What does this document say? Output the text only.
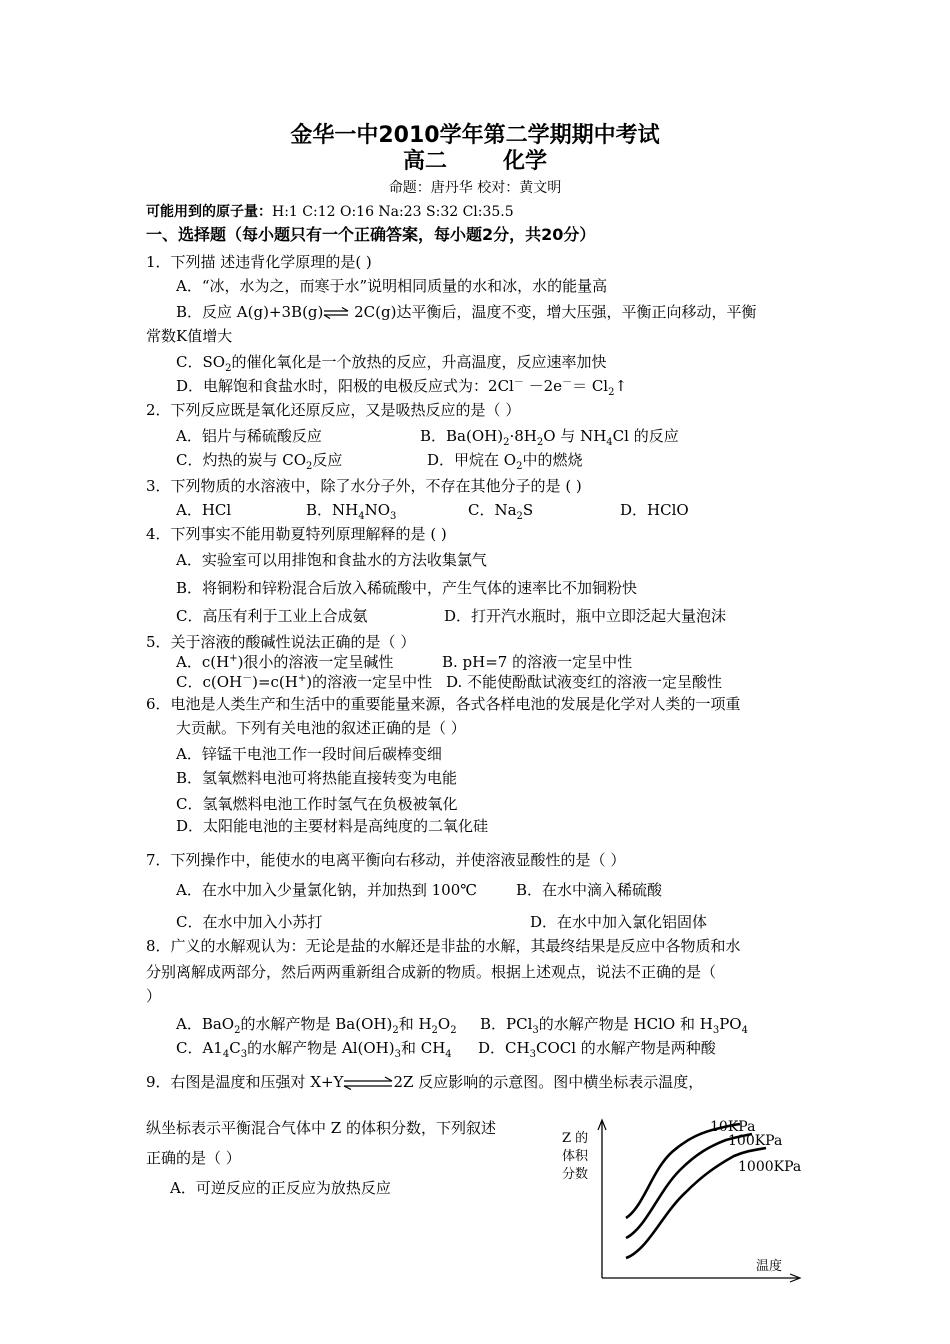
金华一中2010学年第二学期期中考试
高二	化学
命题：唐丹华 校对：黄文明
可能用到的原子量：H:1 C:12 O:16 Na:23 S:32 Cl:35.5
一、选择题（每小题只有一个正确答案，每小题2分，共20分）
1．下列描 述违背化学原理的是( )
A．“冰，水为之，而寒于水”说明相同质量的水和冰，水的能量高
B．反应 A(g)+3B(g)⇌ 2C(g)达平衡后，温度不变，增大压强，平衡正向移动，平衡
常数K值增大
C．$SO_2$的催化氧化是一个放热的反应，升高温度，反应速率加快
D．电解饱和食盐水时，阳极的电极反应式为：$2Cl^- -2e^-= Cl_2↑$
2．下列反应既是氧化还原反应，又是吸热反应的是（ ）
A．铝片与稀硫酸反应	B．$Ba(OH)_2\cdot 8H_2O$ 与 $NH_4Cl$ 的反应
C．灼热的炭与 $CO_2$反应	D．甲烷在 $O_2$中的燃烧
3．下列物质的水溶液中，除了水分子外，不存在其他分子的是 ( )
A．HCl	B．$NH_4NO_3$	C．$Na_2S$	D．HClO
4．下列事实不能用勒夏特列原理解释的是 ( )
A．实验室可以用排饱和食盐水的方法收集氯气
B．将铜粉和锌粉混合后放入稀硫酸中，产生气体的速率比不加铜粉快
C．高压有利于工业上合成氨	D．打开汽水瓶时，瓶中立即泛起大量泡沫
5．关于溶液的酸碱性说法正确的是（ ）
A．c(H+)很小的溶液一定呈碱性	B. pH=7 的溶液一定呈中性
C．c(OH－)=c(H+)的溶液一定呈中性 D. 不能使酚酞试液变红的溶液一定呈酸性
6．电池是人类生产和生活中的重要能量来源，各式各样电池的发展是化学对人类的一项重
大贡献。下列有关电池的叙述正确的是（ ）
A．锌锰干电池工作一段时间后碳棒变细
B．氢氧燃料电池可将热能直接转变为电能
C．氢氧燃料电池工作时氢气在负极被氧化
D．太阳能电池的主要材料是高纯度的二氧化硅
7．下列操作中，能使水的电离平衡向右移动，并使溶液显酸性的是（ ）
A．在水中加入少量氯化钠，并加热到 100℃	B．在水中滴入稀硫酸
C．在水中加入小苏打	D．在水中加入氯化铝固体
8．广义的水解观认为：无论是盐的水解还是非盐的水解，其最终结果是反应中各物质和水
分别离解成两部分，然后两两重新组合成新的物质。根据上述观点，说法不正确的是（
）
A．BaO$_2$的水解产物是 $Ba(OH)_2$和 $H_2O_2$ B．PCl$_3$的水解产物是 HClO 和 $H_3PO_4$
C．$A1_4C_3$的水解产物是 $Al(OH)_3$和 $CH_4$ D．$CH_3COCl$ 的水解产物是两种酸
9．右图是温度和压强对 X+Y⇌2Z 反应影响的示意图。图中横坐标表示温度，
纵坐标表示平衡混合气体中 Z 的体积分数，下列叙述
正确的是（ ）
A．可逆反应的正反应为放热反应
Z 的
体积
分数
温度
10KPa
100KPa
1000KPa
